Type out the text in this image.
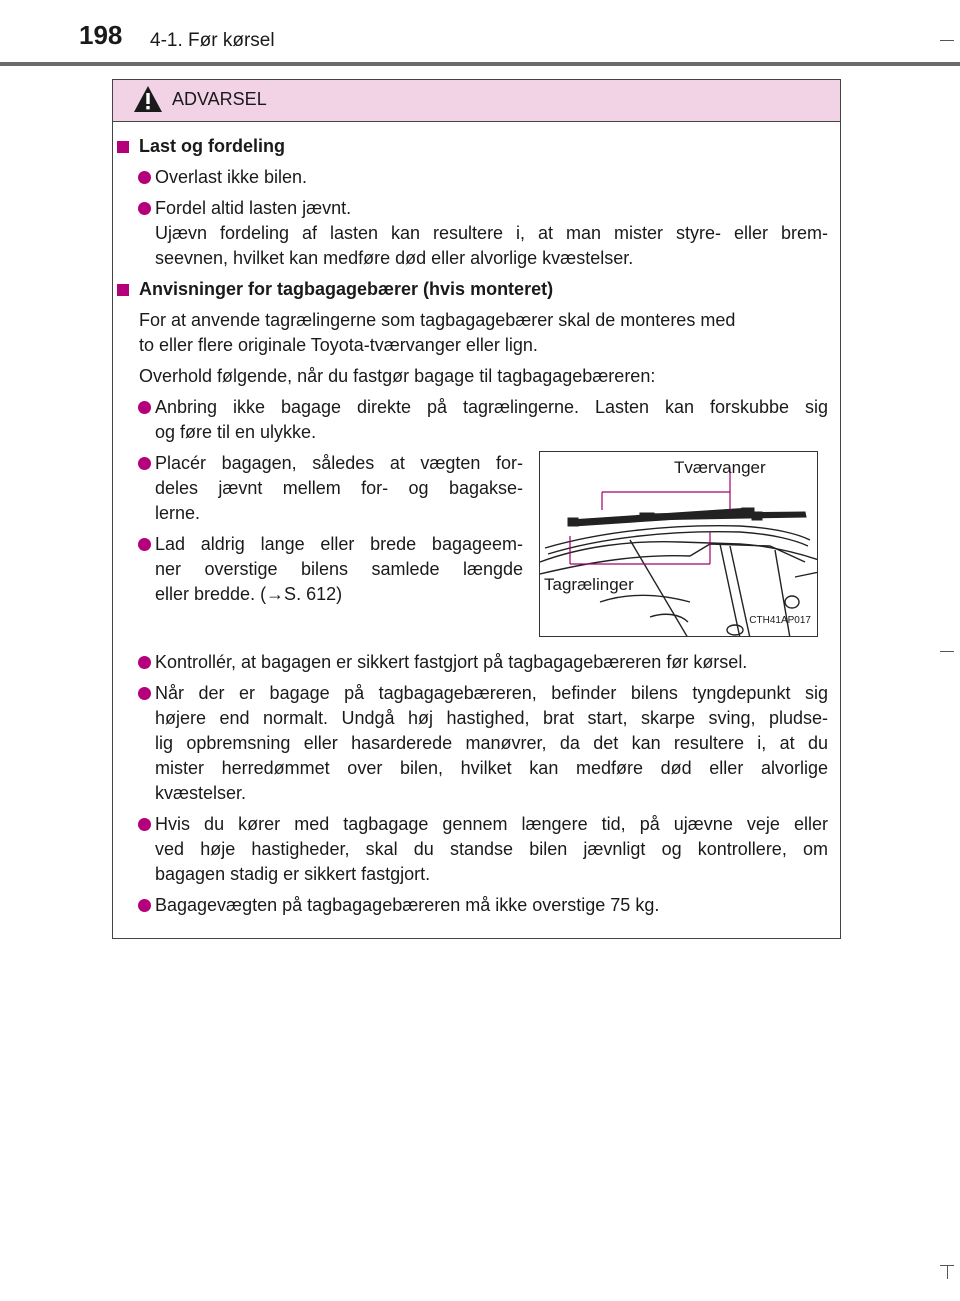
198 4-1. Før kørsel
ADVARSEL
Last og fordeling
Overlast ikke bilen.
Fordel altid lasten jævnt.
Ujævn fordeling af lasten kan resultere i, at man mister styre- eller brem-
seevnen, hvilket kan medføre død eller alvorlige kvæstelser.
Anvisninger for tagbagagebærer (hvis monteret)
For at anvende tagrælingerne som tagbagagebærer skal de monteres med
to eller flere originale Toyota-tværvanger eller lign.
Overhold følgende, når du fastgør bagage til tagbagagebæreren:
Anbring ikke bagage direkte på tagrælingerne. Lasten kan forskubbe sig
og føre til en ulykke.
Placér bagagen, således at vægten for-
deles jævnt mellem for- og bagakse-
lerne.
Lad aldrig lange eller brede bagageem-
ner overstige bilens samlede længde
eller bredde. (→S. 612)
Tværvanger
Tagrælinger
CTH41AP017
Kontrollér, at bagagen er sikkert fastgjort på tagbagagebæreren før kørsel.
Når der er bagage på tagbagagebæreren, befinder bilens tyngdepunkt sig
højere end normalt. Undgå høj hastighed, brat start, skarpe sving, pludse-
lig opbremsning eller hasarderede manøvrer, da det kan resultere i, at du
mister herredømmet over bilen, hvilket kan medføre død eller alvorlige
kvæstelser.
Hvis du kører med tagbagage gennem længere tid, på ujævne veje eller
ved høje hastigheder, skal du standse bilen jævnligt og kontrollere, om
bagagen stadig er sikkert fastgjort.
Bagagevægten på tagbagagebæreren må ikke overstige 75 kg.
